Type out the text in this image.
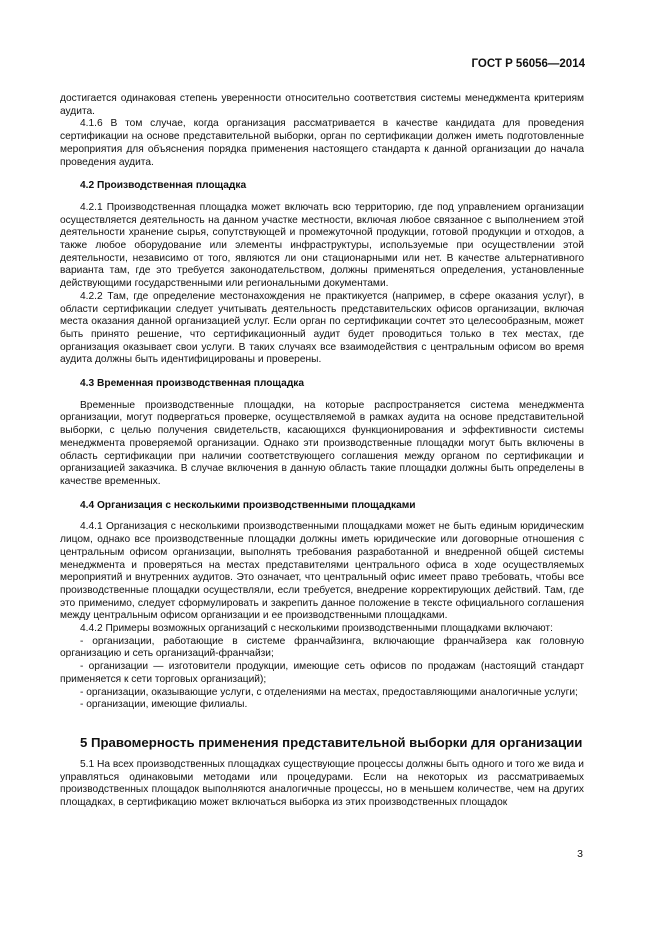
ГОСТ Р 56056—2014

достигается одинаковая степень уверенности относительно соответствия системы менеджмента критериям аудита.

4.1.6 В том случае, когда организация рассматривается в качестве кандидата для проведения сертификации на основе представительной выборки, орган по сертификации должен иметь подготовленные мероприятия для объяснения порядка применения настоящего стандарта к данной организации до начала проведения аудита.

4.2 Производственная площадка

4.2.1 Производственная площадка может включать всю территорию, где под управлением организации осуществляется деятельность на данном участке местности, включая любое связанное с выполнением этой деятельности хранение сырья, сопутствующей и промежуточной продукции, готовой продукции и отходов, а также любое оборудование или элементы инфраструктуры, используемые при осуществлении этой деятельности, независимо от того, являются ли они стационарными или нет. В качестве альтернативного варианта там, где это требуется законодательством, должны применяться определения, установленные действующими государственными или региональными документами.

4.2.2 Там, где определение местонахождения не практикуется (например, в сфере оказания услуг), в области сертификации следует учитывать деятельность представительских офисов организации, включая места оказания данной организацией услуг. Если орган по сертификации сочтет это целесообразным, может быть принято решение, что сертификационный аудит будет проводиться только в тех местах, где организация оказывает свои услуги. В таких случаях все взаимодействия с центральным офисом во время аудита должны быть идентифицированы и проверены.

4.3 Временная производственная площадка

Временные производственные площадки, на которые распространяется система менеджмента организации, могут подвергаться проверке, осуществляемой в рамках аудита на основе представительной выборки, с целью получения свидетельств, касающихся функционирования и эффективности системы менеджмента проверяемой организации. Однако эти производственные площадки могут быть включены в область сертификации при наличии соответствующего соглашения между органом по сертификации и организацией заказчика. В случае включения в данную область такие площадки должны быть определены в качестве временных.

4.4 Организация с несколькими производственными площадками

4.4.1 Организация с несколькими производственными площадками может не быть единым юридическим лицом, однако все производственные площадки должны иметь юридические или договорные отношения с центральным офисом организации, выполнять требования разработанной и внедренной общей системы менеджмента и проверяться на местах представителями центрального офиса в ходе осуществляемых мероприятий и внутренних аудитов. Это означает, что центральный офис имеет право требовать, чтобы все производственные площадки осуществляли, если требуется, внедрение корректирующих действий. Там, где это применимо, следует сформулировать и закрепить данное положение в тексте официального соглашения между центральным офисом организации и ее производственными площадками.

4.4.2 Примеры возможных организаций с несколькими производственными площадками включают:

- организации, работающие в системе франчайзинга, включающие франчайзера как головную организацию и сеть организаций-франчайзи;

- организации — изготовители продукции, имеющие сеть офисов по продажам (настоящий стандарт применяется к сети торговых организаций);

- организации, оказывающие услуги, с отделениями на местах, предоставляющими аналогичные услуги;

- организации, имеющие филиалы.

5 Правомерность применения представительной выборки для организации

5.1 На всех производственных площадках существующие процессы должны быть одного и того же вида и управляться одинаковыми методами или процедурами. Если на некоторых из рассматриваемых производственных площадок выполняются аналогичные процессы, но в меньшем количестве, чем на других площадках, в сертификацию может включаться выборка из этих производственных площадок

3
